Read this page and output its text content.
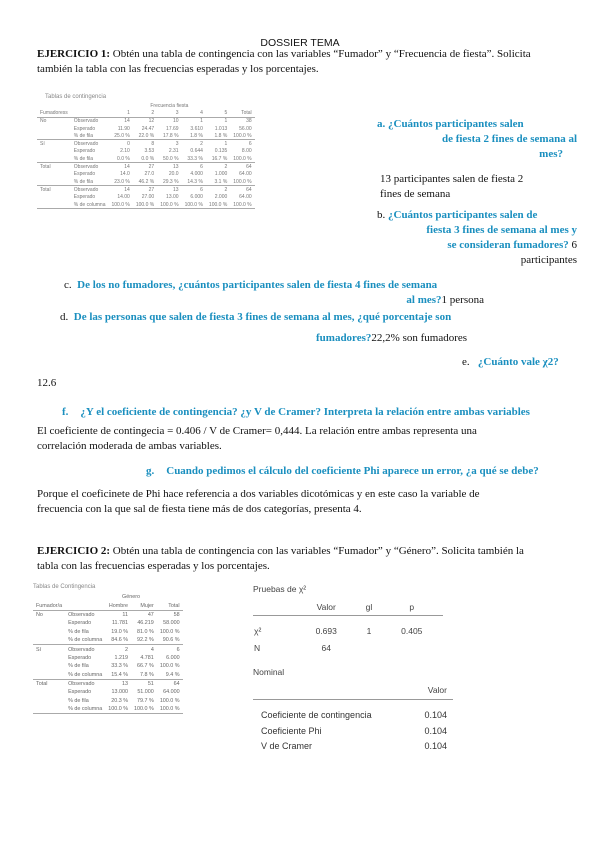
DOSSIER TEMA
EJERCICIO 1: Obtén una tabla de contingencia con las variables “Fumador” y “Frecuencia de fiesta”. Solicita
también la tabla con las frecuencias esperadas y los porcentajes.
Tablas de contingencia
		Frecuencia fiesta					
Fumadoress		1	2	3	4	5	Total
No	Observado	14	12	10	1	1	38
	Esperado	11.90	24.47	17.69	3.610	1.013	56.00
	% de fila	25.0 %	22.0 %	17.8 %	1.8 %	1.8 %	100.0 %
Sí	Observado	0	8	3	2	1	6
	Esperado	2.10	3.53	2.31	0.644	0.135	8.00
	% de fila	0.0 %	0.0 %	50.0 %	33.3 %	16.7 %	100.0 %
Total	Observado	14	27	13	6	2	64
	Esperado	14.0	27.0	20.0	4.000	1.000	64.00
	% de fila	23.0 %	46.2 %	29.3 %	14.3 %	3.1 %	100.0 %
Total	Observado	14	27	13	6	2	64
	Esperado	14.00	27.00	13.00	6.000	2.000	64.00
	% de columna	100.0 %	100.0 %	100.0 %	100.0 %	100.0 %	100.0 %
a. ¿Cuántos participantes salen
de fiesta 2 fines de semana al
mes?
13 participantes salen de fiesta 2
fines de semana
b. ¿Cuántos participantes salen de
fiesta 3 fines de semana al mes y
se consideran fumadores? 6
participantes
c. De los no fumadores, ¿cuántos participantes salen de fiesta 4 fines de semana
al mes?1 persona
d. De las personas que salen de fiesta 3 fines de semana al mes, ¿qué porcentaje son
fumadores?22,2% son fumadores
e. ¿Cuánto vale χ2?
12.6
f. ¿Y el coeficiente de contingencia? ¿y V de Cramer? Interpreta la relación entre ambas variables
El coeficiente de contingecia = 0.406 / V de Cramer= 0,444. La relación entre ambas representa una
correlación moderada de ambas variables.
g. Cuando pedimos el cálculo del coeficiente Phi aparece un error, ¿a qué se debe?
Porque el coeficinete de Phi hace referencia a dos variables dicotómicas y en este caso la variable de
frecuencia con la que sal de fiesta tiene más de dos categorías, presenta 4.
EJERCICIO 2: Obtén una tabla de contingencia con las variables “Fumador” y “Género”. Solicita también la
tabla con las frecuencias esperadas y los porcentajes.
Tablas de Contingencia
		Género		
Fumador/a		Hombre	Mujer	Total
No	Observado	11	47	58
	Esperado	11.781	46.219	58.000
	% de fila	19.0 %	81.0 %	100.0 %
	% de columna	84.6 %	92.2 %	90.6 %
Sí	Observado	2	4	6
	Esperado	1.219	4.781	6.000
	% de fila	33.3 %	66.7 %	100.0 %
	% de columna	15.4 %	7.8 %	9.4 %
Total	Observado	13	51	64
	Esperado	13.000	51.000	64.000
	% de fila	20.3 %	79.7 %	100.0 %
	% de columna	100.0 %	100.0 %	100.0 %
Pruebas de χ²
	Valor	gl	p
χ²	0.693	1	0.405
N	64		
Nominal
Valor
Coeficiente de contingencia	0.104
Coeficiente Phi	0.104
V de Cramer	0.104
